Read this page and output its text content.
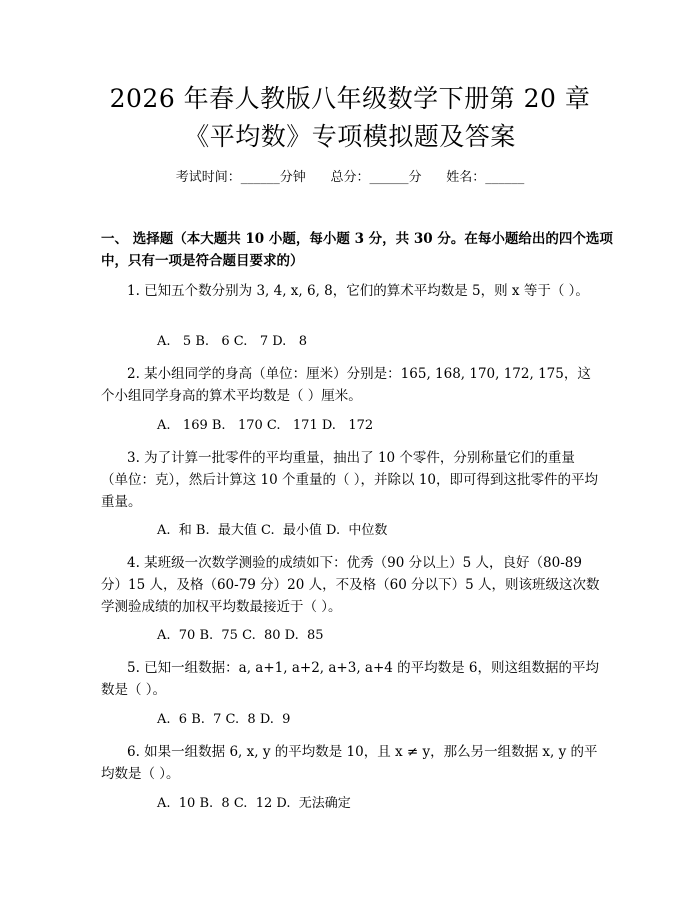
2026 年春人教版八年级数学下册第 20 章
《平均数》专项模拟题及答案
考试时间：______分钟      总分：______分      姓名：______
一、 选择题（本大题共 10 小题，每小题 3 分，共 30 分。在每小题给出的四个选项中，只有一项是符合题目要求的）
1. 已知五个数分别为 3, 4, x, 6, 8，它们的算术平均数是 5，则 x 等于（ ）。
A.   5 B.   6 C.   7 D.   8
2. 某小组同学的身高（单位：厘米）分别是：165, 168, 170, 172, 175，这个小组同学身高的算术平均数是（ ）厘米。
A.   169 B.   170 C.   171 D.   172
3. 为了计算一批零件的平均重量，抽出了 10 个零件，分别称量它们的重量（单位：克），然后计算这 10 个重量的（ ），并除以 10，即可得到这批零件的平均重量。
A.  和 B.  最大值 C.  最小值 D.  中位数
4. 某班级一次数学测验的成绩如下：优秀（90 分以上）5 人，良好（80-89 分）15 人，及格（60-79 分）20 人，不及格（60 分以下）5 人，则该班级这次数学测验成绩的加权平均数最接近于（ ）。
A.  70 B.  75 C.  80 D.  85
5. 已知一组数据：a, a+1, a+2, a+3, a+4 的平均数是 6，则这组数据的平均数是（ ）。
A.  6 B.  7 C.  8 D.  9
6. 如果一组数据 6, x, y 的平均数是 10，且 x ≠ y，那么另一组数据 x, y 的平均数是（ ）。
A.  10 B.  8 C.  12 D.  无法确定
